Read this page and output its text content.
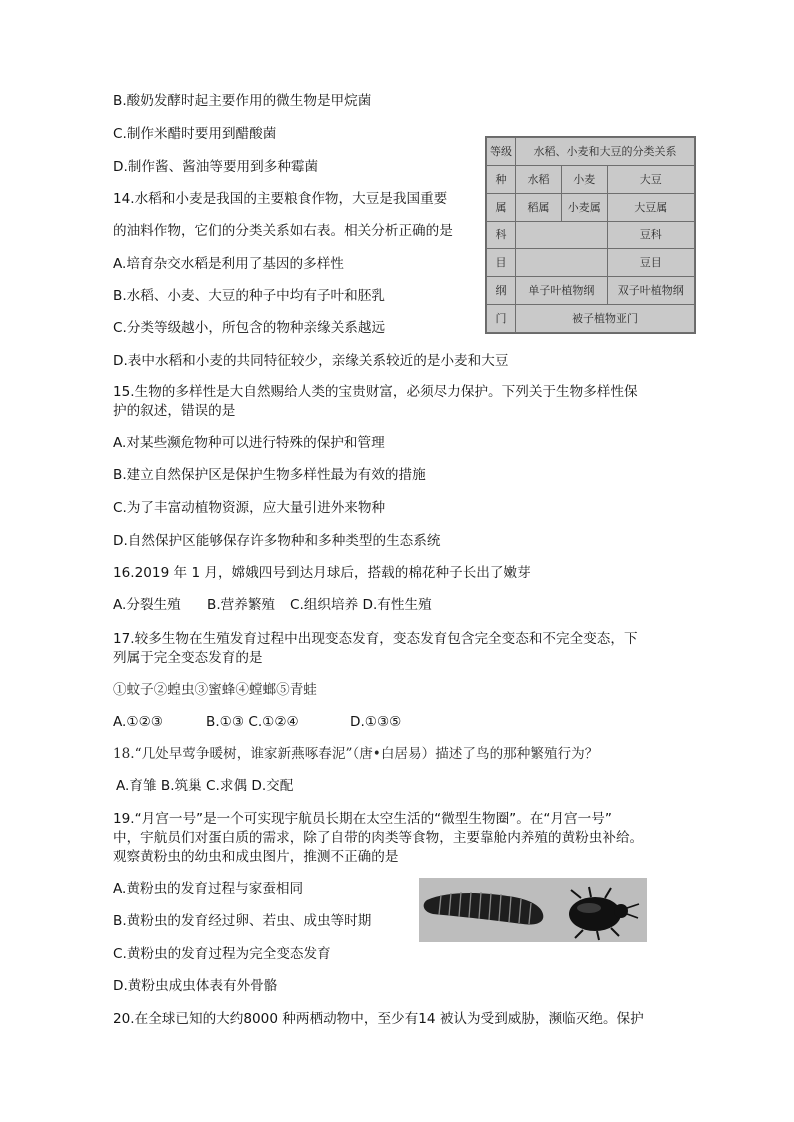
B.酸奶发酵时起主要作用的微生物是甲烷菌

C.制作米醋时要用到醋酸菌

D.制作酱、酱油等要用到多种霉菌

14.水稻和小麦是我国的主要粮食作物，大豆是我国重要

的油料作物，它们的分类关系如右表。相关分析正确的是

A.培育杂交水稻是利用了基因的多样性

B.水稻、小麦、大豆的种子中均有子叶和胚乳

C.分类等级越小，所包含的物种亲缘关系越远

D.表中水稻和小麦的共同特征较少，亲缘关系较近的是小麦和大豆

等级	水稻、小麦和大豆的分类关系		
种	水稻	小麦	大豆
属	稻属	小麦属	大豆属
科			豆科
目			豆目
纲	单子叶植物纲		双子叶植物纲
门	被子植物亚门		

15.生物的多样性是大自然赐给人类的宝贵财富，必须尽力保护。下列关于生物多样性保

护的叙述，错误的是

A.对某些濒危物种可以进行特殊的保护和管理

B.建立自然保护区是保护生物多样性最为有效的措施

C.为了丰富动植物资源，应大量引进外来物种

D.自然保护区能够保存许多物种和多种类型的生态系统

16.2019 年 1 月，嫦娥四号到达月球后，搭载的棉花种子长出了嫩芽

A.分裂生殖 B.营养繁殖 C.组织培养 D.有性生殖

17.较多生物在生殖发育过程中出现变态发育，变态发育包含完全变态和不完全变态，下

列属于完全变态发育的是

①蚊子②蝗虫③蜜蜂④螳螂⑤青蛙

A.①②③	B.①③ C.①②④	D.①③⑤

18.“几处早莺争暖树，谁家新燕啄春泥”（唐•白居易）描述了鸟的那种繁殖行为？

A.育雏 B.筑巢 C.求偶 D.交配

19.“月宫一号”是一个可实现宇航员长期在太空生活的“微型生物圈”。在“月宫一号”

中，宇航员们对蛋白质的需求，除了自带的肉类等食物，主要靠舱内养殖的黄粉虫补给。

观察黄粉虫的幼虫和成虫图片，推测不正确的是

A.黄粉虫的发育过程与家蚕相同

B.黄粉虫的发育经过卵、若虫、成虫等时期

C.黄粉虫的发育过程为完全变态发育

D.黄粉虫成虫体表有外骨骼

20.在全球已知的大约8000 种两栖动物中，至少有14 被认为受到威胁，濒临灭绝。保护
